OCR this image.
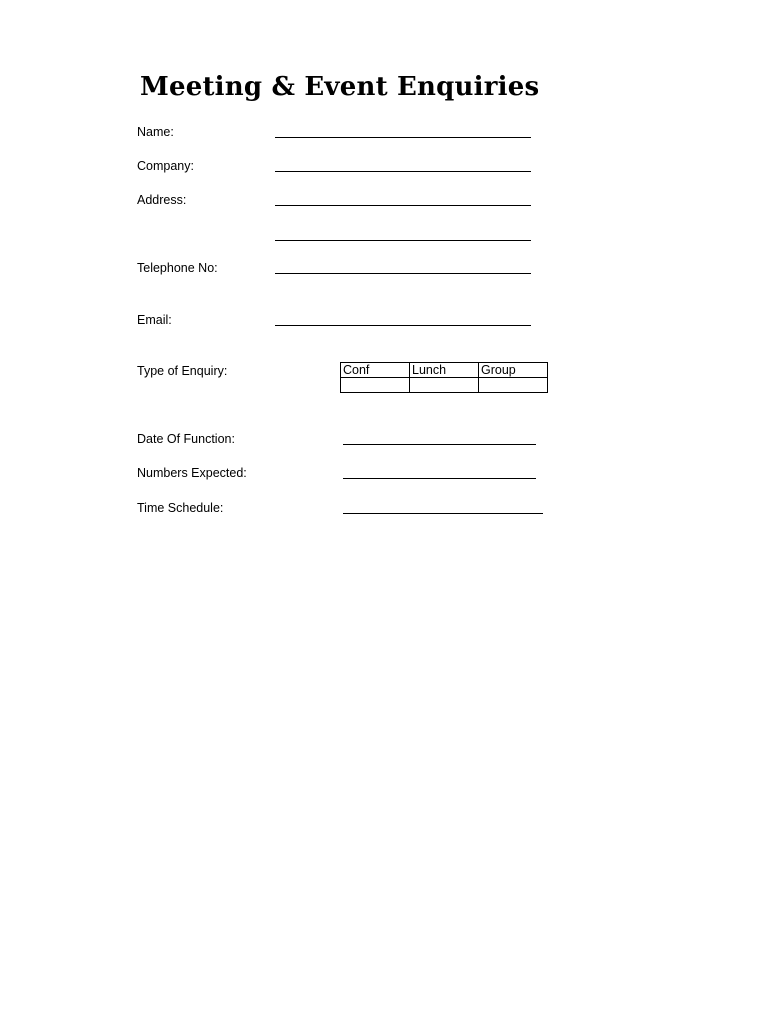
Meeting & Event Enquiries
Name:
Company:
Address:
Telephone No:
Email:
Type of Enquiry:	Conf	Lunch	Group

Date Of Function:
Numbers Expected:
Time Schedule:
